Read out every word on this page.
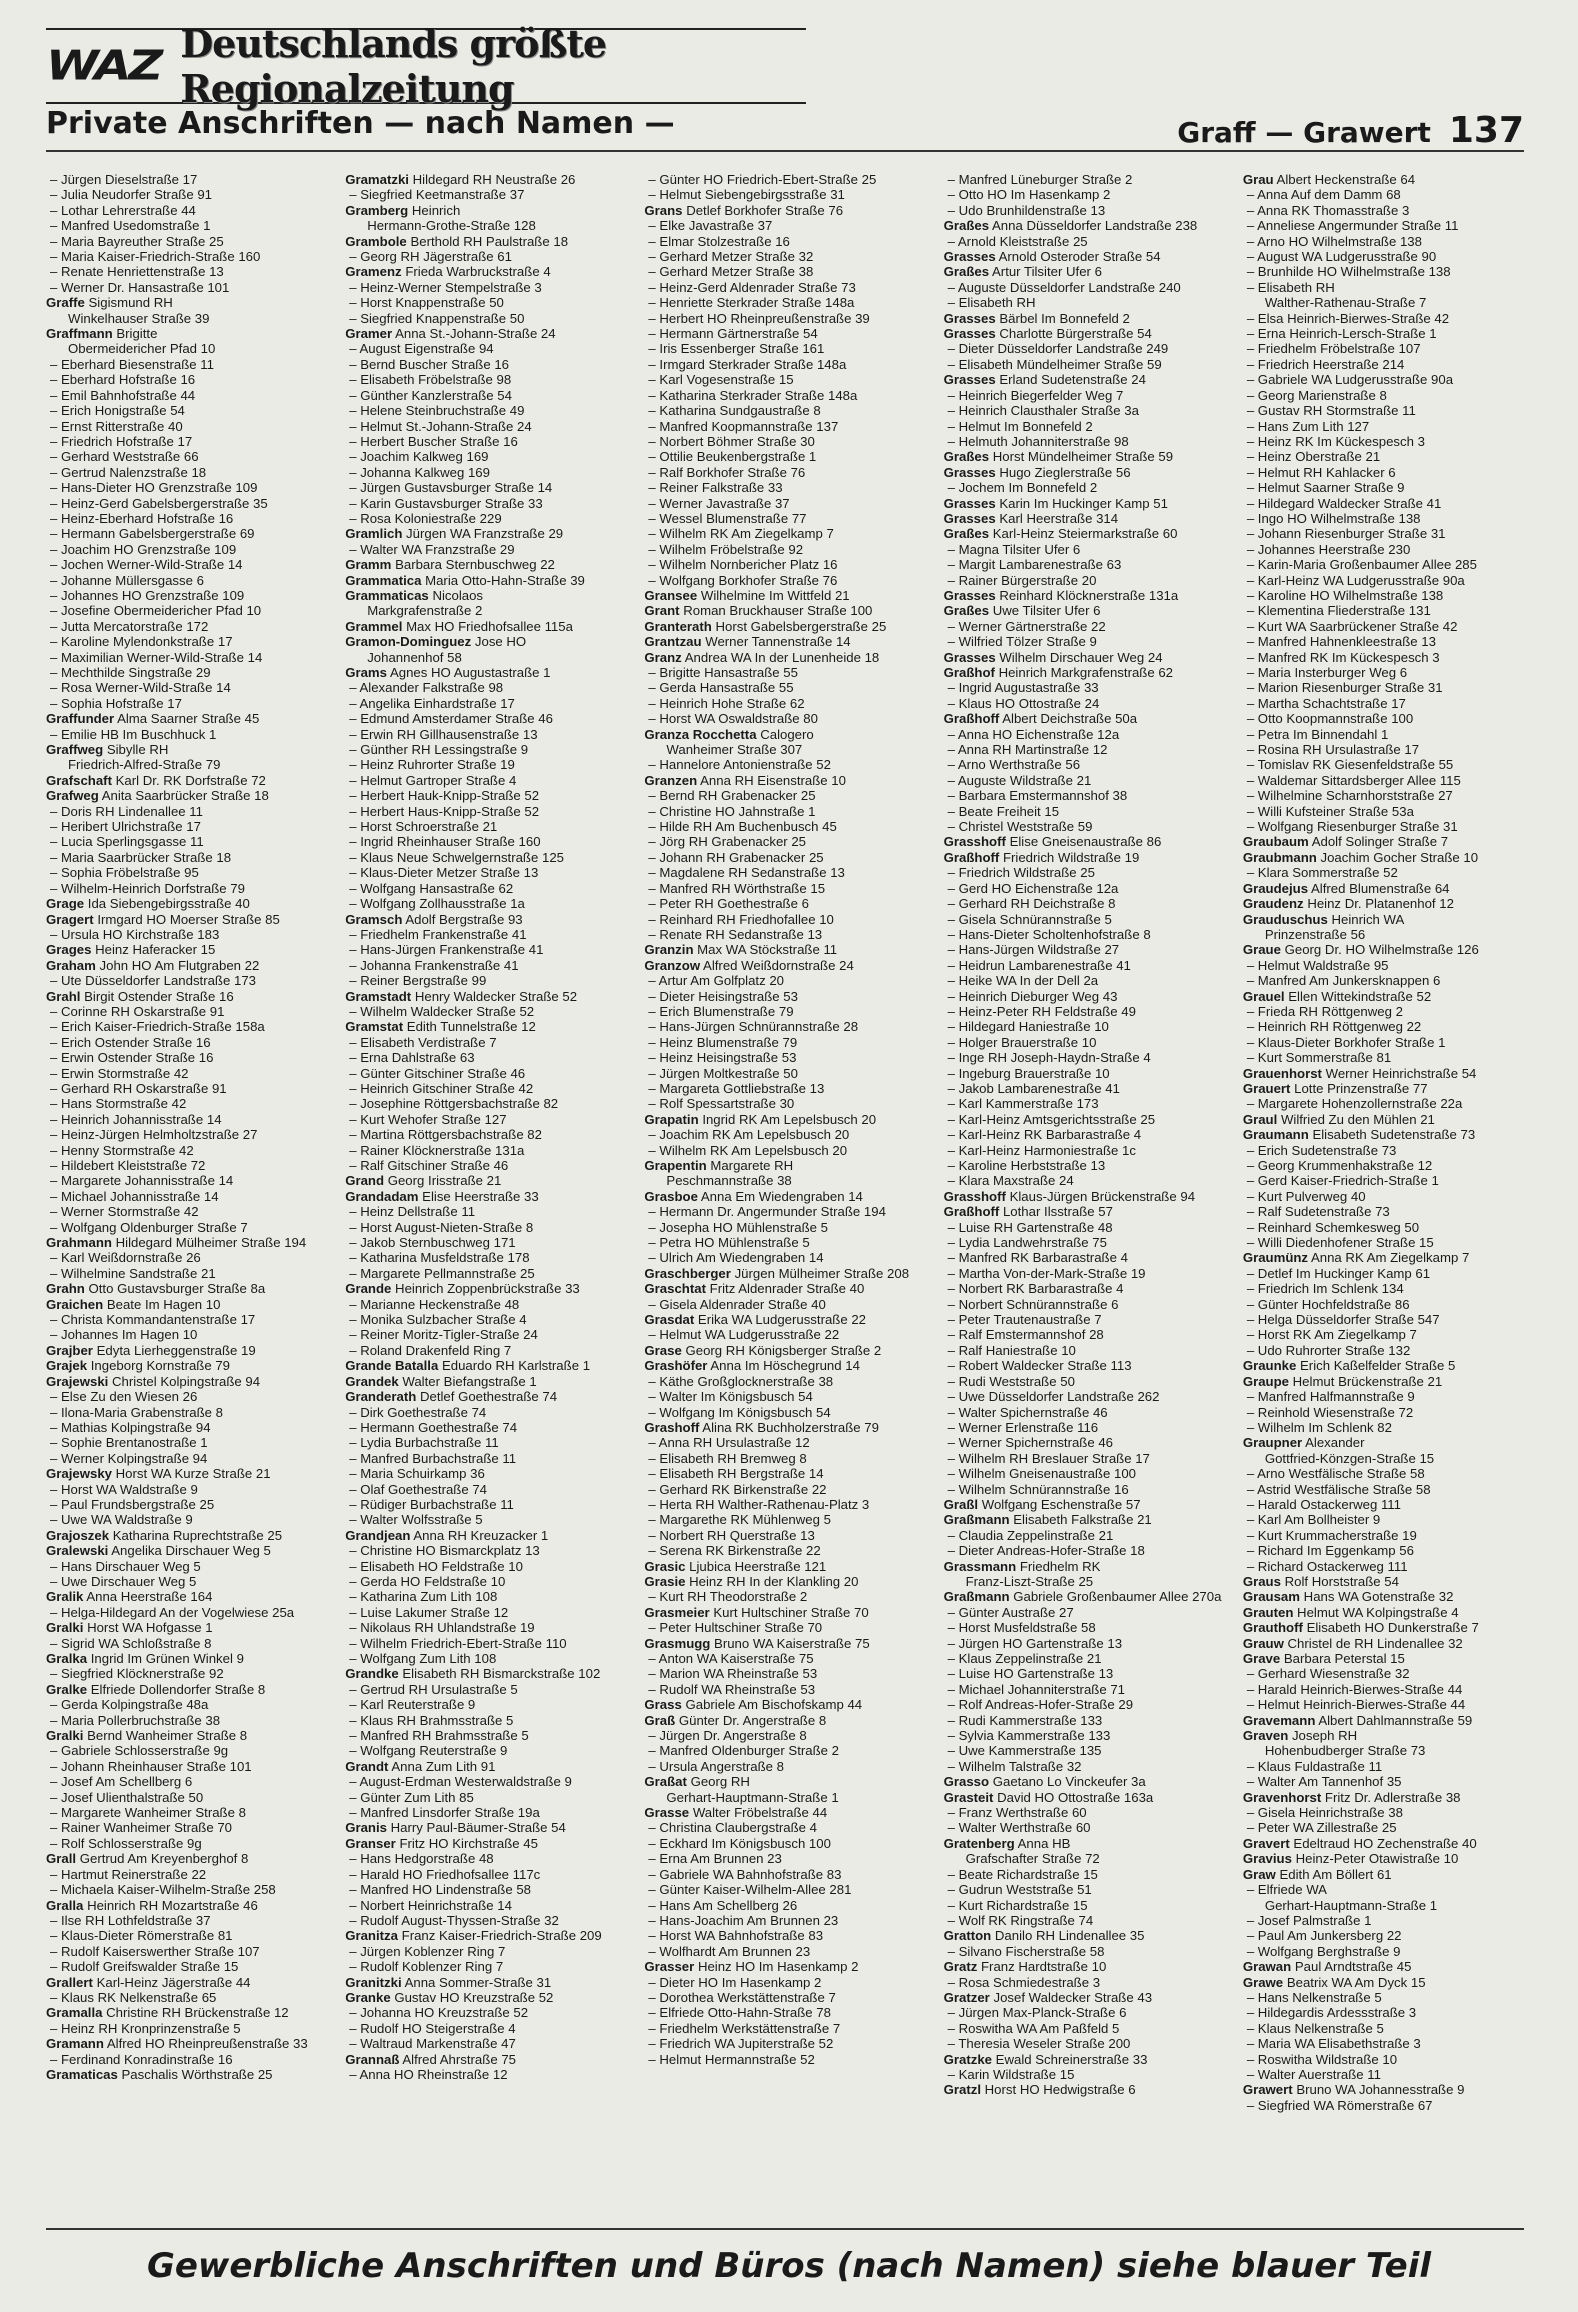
WAZ Deutschlands größte Regionalzeitung
Private Anschriften — nach Namen —	Graff — Grawert 137
– Jürgen Dieselstraße 17
– Julia Neudorfer Straße 91
– Lothar Lehrerstraße 44
– Manfred Usedomstraße 1
– Maria Bayreuther Straße 25
– Maria Kaiser-Friedrich-Straße 160
– Renate Henriettenstraße 13
– Werner Dr. Hansastraße 101
Graffe Sigismund RH
Winkelhauser Straße 39
Graffmann Brigitte
Obermeidericher Pfad 10
– Eberhard Biesenstraße 11
– Eberhard Hofstraße 16
– Emil Bahnhofstraße 44
– Erich Honigstraße 54
– Ernst Ritterstraße 40
– Friedrich Hofstraße 17
– Gerhard Weststraße 66
– Gertrud Nalenzstraße 18
– Hans-Dieter HO Grenzstraße 109
– Heinz-Gerd Gabelsbergerstraße 35
– Heinz-Eberhard Hofstraße 16
– Hermann Gabelsbergerstraße 69
– Joachim HO Grenzstraße 109
– Jochen Werner-Wild-Straße 14
– Johanne Müllersgasse 6
– Johannes HO Grenzstraße 109
– Josefine Obermeidericher Pfad 10
– Jutta Mercatorstraße 172
– Karoline Mylendonkstraße 17
– Maximilian Werner-Wild-Straße 14
– Mechthilde Singstraße 29
– Rosa Werner-Wild-Straße 14
– Sophia Hofstraße 17
Graffunder Alma Saarner Straße 45
– Emilie HB Im Buschhuck 1
Graffweg Sibylle RH
Friedrich-Alfred-Straße 79
Grafschaft Karl Dr. RK Dorfstraße 72
Grafweg Anita Saarbrücker Straße 18
– Doris RH Lindenallee 11
– Heribert Ulrichstraße 17
– Lucia Sperlingsgasse 11
– Maria Saarbrücker Straße 18
– Sophia Fröbelstraße 95
– Wilhelm-Heinrich Dorfstraße 79
Grage Ida Siebengebirgsstraße 40
Gragert Irmgard HO Moerser Straße 85
– Ursula HO Kirchstraße 183
Grages Heinz Haferacker 15
Graham John HO Am Flutgraben 22
– Ute Düsseldorfer Landstraße 173
Grahl Birgit Ostender Straße 16
– Corinne RH Oskarstraße 91
– Erich Kaiser-Friedrich-Straße 158a
– Erich Ostender Straße 16
– Erwin Ostender Straße 16
– Erwin Stormstraße 42
– Gerhard RH Oskarstraße 91
– Hans Stormstraße 42
– Heinrich Johannisstraße 14
– Heinz-Jürgen Helmholtzstraße 27
– Henny Stormstraße 42
– Hildebert Kleiststraße 72
– Margarete Johannisstraße 14
– Michael Johannisstraße 14
– Werner Stormstraße 42
– Wolfgang Oldenburger Straße 7
Grahmann Hildegard Mülheimer Straße 194
– Karl Weißdornstraße 26
– Wilhelmine Sandstraße 21
Grahn Otto Gustavsburger Straße 8a
Graichen Beate Im Hagen 10
– Christa Kommandantenstraße 17
– Johannes Im Hagen 10
Grajber Edyta Lierheggenstraße 19
Grajek Ingeborg Kornstraße 79
Grajewski Christel Kolpingstraße 94
– Else Zu den Wiesen 26
– Ilona-Maria Grabenstraße 8
– Mathias Kolpingstraße 94
– Sophie Brentanostraße 1
– Werner Kolpingstraße 94
Grajewsky Horst WA Kurze Straße 21
– Horst WA Waldstraße 9
– Paul Frundsbergstraße 25
– Uwe WA Waldstraße 9
Grajoszek Katharina Ruprechtstraße 25
Gralewski Angelika Dirschauer Weg 5
– Hans Dirschauer Weg 5
– Uwe Dirschauer Weg 5
Gralik Anna Heerstraße 164
– Helga-Hildegard An der Vogelwiese 25a
Gralki Horst WA Hofgasse 1
– Sigrid WA Schloßstraße 8
Gralka Ingrid Im Grünen Winkel 9
– Siegfried Klöcknerstraße 92
Gralke Elfriede Dollendorfer Straße 8
– Gerda Kolpingstraße 48a
– Maria Pollerbruchstraße 38
Gralki Bernd Wanheimer Straße 8
– Gabriele Schlosserstraße 9g
– Johann Rheinhauser Straße 101
– Josef Am Schellberg 6
– Josef Ulienthalstraße 50
– Margarete Wanheimer Straße 8
– Rainer Wanheimer Straße 70
– Rolf Schlosserstraße 9g
Grall Gertrud Am Kreyenberghof 8
– Hartmut Reinerstraße 22
– Michaela Kaiser-Wilhelm-Straße 258
Gralla Heinrich RH Mozartstraße 46
– Ilse RH Lothfeldstraße 37
– Klaus-Dieter Römerstraße 81
– Rudolf Kaiserswerther Straße 107
– Rudolf Greifswalder Straße 15
Grallert Karl-Heinz Jägerstraße 44
– Klaus RK Nelkenstraße 65
Gramalla Christine RH Brückenstraße 12
– Heinz RH Kronprinzenstraße 5
Gramann Alfred HO Rheinpreußenstraße 33
– Ferdinand Konradinstraße 16
Gramaticas Paschalis Wörthstraße 25
Gramatzki Hildegard RH Neustraße 26
– Siegfried Keetmanstraße 37
Gramberg Heinrich
Hermann-Grothe-Straße 128
Grambole Berthold RH Paulstraße 18
– Georg RH Jägerstraße 61
Gramenz Frieda Warbruckstraße 4
– Heinz-Werner Stempelstraße 3
– Horst Knappenstraße 50
– Siegfried Knappenstraße 50
Gramer Anna St.-Johann-Straße 24
– August Eigenstraße 94
– Bernd Buscher Straße 16
– Elisabeth Fröbelstraße 98
– Günther Kanzlerstraße 54
– Helene Steinbruchstraße 49
– Helmut St.-Johann-Straße 24
– Herbert Buscher Straße 16
– Joachim Kalkweg 169
– Johanna Kalkweg 169
– Jürgen Gustavsburger Straße 14
– Karin Gustavsburger Straße 33
– Rosa Koloniestraße 229
Gramlich Jürgen WA Franzstraße 29
– Walter WA Franzstraße 29
Gramm Barbara Sternbuschweg 22
Grammatica Maria Otto-Hahn-Straße 39
Grammaticas Nicolaos
Markgrafenstraße 2
Grammel Max HO Friedhofsallee 115a
Gramon-Dominguez Jose HO
Johannenhof 58
Grams Agnes HO Augustastraße 1
– Alexander Falkstraße 98
– Angelika Einhardstraße 17
– Edmund Amsterdamer Straße 46
– Erwin RH Gillhausenstraße 13
– Günther RH Lessingstraße 9
– Heinz Ruhrorter Straße 19
– Helmut Gartroper Straße 4
– Herbert Hauk-Knipp-Straße 52
– Herbert Haus-Knipp-Straße 52
– Horst Schroerstraße 21
– Ingrid Rheinhauser Straße 160
– Klaus Neue Schwelgernstraße 125
– Klaus-Dieter Metzer Straße 13
– Wolfgang Hansastraße 62
– Wolfgang Zollhausstraße 1a
Gramsch Adolf Bergstraße 93
– Friedhelm Frankenstraße 41
– Hans-Jürgen Frankenstraße 41
– Johanna Frankenstraße 41
– Reiner Bergstraße 99
Gramstadt Henry Waldecker Straße 52
– Wilhelm Waldecker Straße 52
Gramstat Edith Tunnelstraße 12
– Elisabeth Verdistraße 7
– Erna Dahlstraße 63
– Günter Gitschiner Straße 46
– Heinrich Gitschiner Straße 42
– Josephine Röttgersbachstraße 82
– Kurt Wehofer Straße 127
– Martina Röttgersbachstraße 82
– Rainer Klöcknerstraße 131a
– Ralf Gitschiner Straße 46
Grand Georg Irisstraße 21
Grandadam Elise Heerstraße 33
– Heinz Dellstraße 11
– Horst August-Nieten-Straße 8
– Jakob Sternbuschweg 171
– Katharina Musfeldstraße 178
– Margarete Pellmannstraße 25
Grande Heinrich Zoppenbrückstraße 33
– Marianne Heckenstraße 48
– Monika Sulzbacher Straße 4
– Reiner Moritz-Tigler-Straße 24
– Roland Drakenfeld Ring 7
Grande Batalla Eduardo RH Karlstraße 1
Grandek Walter Biefangstraße 1
Granderath Detlef Goethestraße 74
– Dirk Goethestraße 74
– Hermann Goethestraße 74
– Lydia Burbachstraße 11
– Manfred Burbachstraße 11
– Maria Schuirkamp 36
– Olaf Goethestraße 74
– Rüdiger Burbachstraße 11
– Walter Wolfsstraße 5
Grandjean Anna RH Kreuzacker 1
– Christine HO Bismarckplatz 13
– Elisabeth HO Feldstraße 10
– Gerda HO Feldstraße 10
– Katharina Zum Lith 108
– Luise Lakumer Straße 12
– Nikolaus RH Uhlandstraße 19
– Wilhelm Friedrich-Ebert-Straße 110
– Wolfgang Zum Lith 108
Grandke Elisabeth RH Bismarckstraße 102
– Gertrud RH Ursulastraße 5
– Karl Reuterstraße 9
– Klaus RH Brahmsstraße 5
– Manfred RH Brahmsstraße 5
– Wolfgang Reuterstraße 9
Grandt Anna Zum Lith 91
– August-Erdman Westerwaldstraße 9
– Günter Zum Lith 85
– Manfred Linsdorfer Straße 19a
Granis Harry Paul-Bäumer-Straße 54
Granser Fritz HO Kirchstraße 45
– Hans Hedgorstraße 48
– Harald HO Friedhofsallee 117c
– Manfred HO Lindenstraße 58
– Norbert Heinrichstraße 14
– Rudolf August-Thyssen-Straße 32
Granitza Franz Kaiser-Friedrich-Straße 209
– Jürgen Koblenzer Ring 7
– Rudolf Koblenzer Ring 7
Granitzki Anna Sommer-Straße 31
Granke Gustav HO Kreuzstraße 52
– Johanna HO Kreuzstraße 52
– Rudolf HO Steigerstraße 4
– Waltraud Markenstraße 47
Grannaß Alfred Ahrstraße 75
– Anna HO Rheinstraße 12
– Günter HO Friedrich-Ebert-Straße 25
– Helmut Siebengebirgsstraße 31
Grans Detlef Borkhofer Straße 76
– Elke Javastraße 37
– Elmar Stolzestraße 16
– Gerhard Metzer Straße 32
– Gerhard Metzer Straße 38
– Heinz-Gerd Aldenrader Straße 73
– Henriette Sterkrader Straße 148a
– Herbert HO Rheinpreußenstraße 39
– Hermann Gärtnerstraße 54
– Iris Essenberger Straße 161
– Irmgard Sterkrader Straße 148a
– Karl Vogesenstraße 15
– Katharina Sterkrader Straße 148a
– Katharina Sundgaustraße 8
– Manfred Koopmannstraße 137
– Norbert Böhmer Straße 30
– Ottilie Beukenbergstraße 1
– Ralf Borkhofer Straße 76
– Reiner Falkstraße 33
– Werner Javastraße 37
– Wessel Blumenstraße 77
– Wilhelm RK Am Ziegelkamp 7
– Wilhelm Fröbelstraße 92
– Wilhelm Nornbericher Platz 16
– Wolfgang Borkhofer Straße 76
Gransee Wilhelmine Im Wittfeld 21
Grant Roman Bruckhauser Straße 100
Granterath Horst Gabelsbergerstraße 25
Grantzau Werner Tannenstraße 14
Granz Andrea WA In der Lunenheide 18
– Brigitte Hansastraße 55
– Gerda Hansastraße 55
– Heinrich Hohe Straße 62
– Horst WA Oswaldstraße 80
Granza Rocchetta Calogero
Wanheimer Straße 307
– Hannelore Antonienstraße 52
Granzen Anna RH Eisenstraße 10
– Bernd RH Grabenacker 25
– Christine HO Jahnstraße 1
– Hilde RH Am Buchenbusch 45
– Jörg RH Grabenacker 25
– Johann RH Grabenacker 25
– Magdalene RH Sedanstraße 13
– Manfred RH Wörthstraße 15
– Peter RH Goethestraße 6
– Reinhard RH Friedhofallee 10
– Renate RH Sedanstraße 13
Granzin Max WA Stöckstraße 11
Granzow Alfred Weißdornstraße 24
– Artur Am Golfplatz 20
– Dieter Heisingstraße 53
– Erich Blumenstraße 79
– Hans-Jürgen Schnürannstraße 28
– Heinz Blumenstraße 79
– Heinz Heisingstraße 53
– Jürgen Moltkestraße 50
– Margareta Gottliebstraße 13
– Rolf Spessartstraße 30
Grapatin Ingrid RK Am Lepelsbusch 20
– Joachim RK Am Lepelsbusch 20
– Wilhelm RK Am Lepelsbusch 20
Grapentin Margarete RH
Peschmannstraße 38
Grasboe Anna Em Wiedengraben 14
– Hermann Dr. Angermunder Straße 194
– Josepha HO Mühlenstraße 5
– Petra HO Mühlenstraße 5
– Ulrich Am Wiedengraben 14
Graschberger Jürgen Mülheimer Straße 208
Graschtat Fritz Aldenrader Straße 40
– Gisela Aldenrader Straße 40
Grasdat Erika WA Ludgerusstraße 22
– Helmut WA Ludgerusstraße 22
Grase Georg RH Königsberger Straße 2
Grashöfer Anna Im Höschegrund 14
– Käthe Großglocknerstraße 38
– Walter Im Königsbusch 54
– Wolfgang Im Königsbusch 54
Grashoff Alina RK Buchholzerstraße 79
– Anna RH Ursulastraße 12
– Elisabeth RH Bremweg 8
– Elisabeth RH Bergstraße 14
– Gerhard RK Birkenstraße 22
– Herta RH Walther-Rathenau-Platz 3
– Margarethe RK Mühlenweg 5
– Norbert RH Querstraße 13
– Serena RK Birkenstraße 22
Grasic Ljubica Heerstraße 121
Grasie Heinz RH In der Klankling 20
– Kurt RH Theodorstraße 2
Grasmeier Kurt Hultschiner Straße 70
– Peter Hultschiner Straße 70
Grasmugg Bruno WA Kaiserstraße 75
– Anton WA Kaiserstraße 75
– Marion WA Rheinstraße 53
– Rudolf WA Rheinstraße 53
Grass Gabriele Am Bischofskamp 44
Graß Günter Dr. Angerstraße 8
– Jürgen Dr. Angerstraße 8
– Manfred Oldenburger Straße 2
– Ursula Angerstraße 8
Graßat Georg RH
Gerhart-Hauptmann-Straße 1
Grasse Walter Fröbelstraße 44
– Christina Claubergstraße 4
– Eckhard Im Königsbusch 100
– Erna Am Brunnen 23
– Gabriele WA Bahnhofstraße 83
– Günter Kaiser-Wilhelm-Allee 281
– Hans Am Schellberg 26
– Hans-Joachim Am Brunnen 23
– Horst WA Bahnhofstraße 83
– Wolfhardt Am Brunnen 23
Grasser Heinz HO Im Hasenkamp 2
– Dieter HO Im Hasenkamp 2
– Dorothea Werkstättenstraße 7
– Elfriede Otto-Hahn-Straße 78
– Friedhelm Werkstättenstraße 7
– Friedrich WA Jupiterstraße 52
– Helmut Hermannstraße 52
– Manfred Lüneburger Straße 2
– Otto HO Im Hasenkamp 2
– Udo Brunhildenstraße 13
Graßes Anna Düsseldorfer Landstraße 238
– Arnold Kleiststraße 25
Grasses Arnold Osteroder Straße 54
Graßes Artur Tilsiter Ufer 6
– Auguste Düsseldorfer Landstraße 240
– Elisabeth RH
Grasses Bärbel Im Bonnefeld 2
Grasses Charlotte Bürgerstraße 54
– Dieter Düsseldorfer Landstraße 249
– Elisabeth Mündelheimer Straße 59
Grasses Erland Sudetenstraße 24
– Heinrich Biegerfelder Weg 7
– Heinrich Clausthaler Straße 3a
– Helmut Im Bonnefeld 2
– Helmuth Johanniterstraße 98
Graßes Horst Mündelheimer Straße 59
Grasses Hugo Zieglerstraße 56
– Jochem Im Bonnefeld 2
Grasses Karin Im Huckinger Kamp 51
Grasses Karl Heerstraße 314
Graßes Karl-Heinz Steiermarkstraße 60
– Magna Tilsiter Ufer 6
– Margit Lambarenestraße 63
– Rainer Bürgerstraße 20
Grasses Reinhard Klöcknerstraße 131a
Graßes Uwe Tilsiter Ufer 6
– Werner Gärtnerstraße 22
– Wilfried Tölzer Straße 9
Grasses Wilhelm Dirschauer Weg 24
Graßhof Heinrich Markgrafenstraße 62
– Ingrid Augustastraße 33
– Klaus HO Ottostraße 24
Graßhoff Albert Deichstraße 50a
– Anna HO Eichenstraße 12a
– Anna RH Martinstraße 12
– Arno Werthstraße 56
– Auguste Wildstraße 21
– Barbara Emstermannshof 38
– Beate Freiheit 15
– Christel Weststraße 59
Grasshoff Elise Gneisenaustraße 86
Graßhoff Friedrich Wildstraße 19
– Friedrich Wildstraße 25
– Gerd HO Eichenstraße 12a
– Gerhard RH Deichstraße 8
– Gisela Schnürannstraße 5
– Hans-Dieter Scholtenhofstraße 8
– Hans-Jürgen Wildstraße 27
– Heidrun Lambarenestraße 41
– Heike WA In der Dell 2a
– Heinrich Dieburger Weg 43
– Heinz-Peter RH Feldstraße 49
– Hildegard Haniestraße 10
– Holger Brauerstraße 10
– Inge RH Joseph-Haydn-Straße 4
– Ingeburg Brauerstraße 10
– Jakob Lambarenestraße 41
– Karl Kammerstraße 173
– Karl-Heinz Amtsgerichtsstraße 25
– Karl-Heinz RK Barbarastraße 4
– Karl-Heinz Harmoniestraße 1c
– Karoline Herbststraße 13
– Klara Maxstraße 24
Grasshoff Klaus-Jürgen Brückenstraße 94
Graßhoff Lothar Ilsstraße 57
– Luise RH Gartenstraße 48
– Lydia Landwehrstraße 75
– Manfred RK Barbarastraße 4
– Martha Von-der-Mark-Straße 19
– Norbert RK Barbarastraße 4
– Norbert Schnürannstraße 6
– Peter Trautenaustraße 7
– Ralf Emstermannshof 28
– Ralf Haniestraße 10
– Robert Waldecker Straße 113
– Rudi Weststraße 50
– Uwe Düsseldorfer Landstraße 262
– Walter Spichernstraße 46
– Werner Erlenstraße 116
– Werner Spichernstraße 46
– Wilhelm RH Breslauer Straße 17
– Wilhelm Gneisenaustraße 100
– Wilhelm Schnürannstraße 16
Graßl Wolfgang Eschenstraße 57
Graßmann Elisabeth Falkstraße 21
– Claudia Zeppelinstraße 21
– Dieter Andreas-Hofer-Straße 18
Grassmann Friedhelm RK
Franz-Liszt-Straße 25
Graßmann Gabriele Großenbaumer Allee 270a
– Günter Austraße 27
– Horst Musfeldstraße 58
– Jürgen HO Gartenstraße 13
– Klaus Zeppelinstraße 21
– Luise HO Gartenstraße 13
– Michael Johanniterstraße 71
– Rolf Andreas-Hofer-Straße 29
– Rudi Kammerstraße 133
– Sylvia Kammerstraße 133
– Uwe Kammerstraße 135
– Wilhelm Talstraße 32
Grasso Gaetano Lo Vinckeufer 3a
Grasteit David HO Ottostraße 163a
– Franz Werthstraße 60
– Walter Werthstraße 60
Gratenberg Anna HB
Grafschafter Straße 72
– Beate Richardstraße 15
– Gudrun Weststraße 51
– Kurt Richardstraße 15
– Wolf RK Ringstraße 74
Gratton Danilo RH Lindenallee 35
– Silvano Fischerstraße 58
Gratz Franz Hardtstraße 10
– Rosa Schmiedestraße 3
Gratzer Josef Waldecker Straße 43
– Jürgen Max-Planck-Straße 6
– Roswitha WA Am Paßfeld 5
– Theresia Weseler Straße 200
Gratzke Ewald Schreinerstraße 33
– Karin Wildstraße 15
Gratzl Horst HO Hedwigstraße 6
Grau Albert Heckenstraße 64
– Anna Auf dem Damm 68
– Anna RK Thomasstraße 3
– Anneliese Angermunder Straße 11
– Arno HO Wilhelmstraße 138
– August WA Ludgerusstraße 90
– Brunhilde HO Wilhelmstraße 138
– Elisabeth RH
Walther-Rathenau-Straße 7
– Elsa Heinrich-Bierwes-Straße 42
– Erna Heinrich-Lersch-Straße 1
– Friedhelm Fröbelstraße 107
– Friedrich Heerstraße 214
– Gabriele WA Ludgerusstraße 90a
– Georg Marienstraße 8
– Gustav RH Stormstraße 11
– Hans Zum Lith 127
– Heinz RK Im Kückespesch 3
– Heinz Oberstraße 21
– Helmut RH Kahlacker 6
– Helmut Saarner Straße 9
– Hildegard Waldecker Straße 41
– Ingo HO Wilhelmstraße 138
– Johann Riesenburger Straße 31
– Johannes Heerstraße 230
– Karin-Maria Großenbaumer Allee 285
– Karl-Heinz WA Ludgerusstraße 90a
– Karoline HO Wilhelmstraße 138
– Klementina Fliederstraße 131
– Kurt WA Saarbrückener Straße 42
– Manfred Hahnenkleestraße 13
– Manfred RK Im Kückespesch 3
– Maria Insterburger Weg 6
– Marion Riesenburger Straße 31
– Martha Schachtstraße 17
– Otto Koopmannstraße 100
– Petra Im Binnendahl 1
– Rosina RH Ursulastraße 17
– Tomislav RK Giesenfeldstraße 55
– Waldemar Sittardsberger Allee 115
– Wilhelmine Scharnhorststraße 27
– Willi Kufsteiner Straße 53a
– Wolfgang Riesenburger Straße 31
Graubaum Adolf Solinger Straße 7
Graubmann Joachim Gocher Straße 10
– Klara Sommerstraße 52
Graudejus Alfred Blumenstraße 64
Graudenz Heinz Dr. Platanenhof 12
Grauduschus Heinrich WA
Prinzenstraße 56
Graue Georg Dr. HO Wilhelmstraße 126
– Helmut Waldstraße 95
– Manfred Am Junkersknappen 6
Grauel Ellen Wittekindstraße 52
– Frieda RH Röttgenweg 2
– Heinrich RH Röttgenweg 22
– Klaus-Dieter Borkhofer Straße 1
– Kurt Sommerstraße 81
Grauenhorst Werner Heinrichstraße 54
Grauert Lotte Prinzenstraße 77
– Margarete Hohenzollernstraße 22a
Graul Wilfried Zu den Mühlen 21
Graumann Elisabeth Sudetenstraße 73
– Erich Sudetenstraße 73
– Georg Krummenhakstraße 12
– Gerd Kaiser-Friedrich-Straße 1
– Kurt Pulverweg 40
– Ralf Sudetenstraße 73
– Reinhard Schemkesweg 50
– Willi Diedenhofener Straße 15
Graumünz Anna RK Am Ziegelkamp 7
– Detlef Im Huckinger Kamp 61
– Friedrich Im Schlenk 134
– Günter Hochfeldstraße 86
– Helga Düsseldorfer Straße 547
– Horst RK Am Ziegelkamp 7
– Udo Ruhrorter Straße 132
Graunke Erich Kaßelfelder Straße 5
Graupe Helmut Brückenstraße 21
– Manfred Halfmannstraße 9
– Reinhold Wiesenstraße 72
– Wilhelm Im Schlenk 82
Graupner Alexander
Gottfried-Könzgen-Straße 15
– Arno Westfälische Straße 58
– Astrid Westfälische Straße 58
– Harald Ostackerweg 111
– Karl Am Bollheister 9
– Kurt Krummacherstraße 19
– Richard Im Eggenkamp 56
– Richard Ostackerweg 111
Graus Rolf Horststraße 54
Grausam Hans WA Gotenstraße 32
Grauten Helmut WA Kolpingstraße 4
Grauthoff Elisabeth HO Dunkerstraße 7
Grauw Christel de RH Lindenallee 32
Grave Barbara Peterstal 15
– Gerhard Wiesenstraße 32
– Harald Heinrich-Bierwes-Straße 44
– Helmut Heinrich-Bierwes-Straße 44
Gravemann Albert Dahlmannstraße 59
Graven Joseph RH
Hohenbudberger Straße 73
– Klaus Fuldastraße 11
– Walter Am Tannenhof 35
Gravenhorst Fritz Dr. Adlerstraße 38
– Gisela Heinrichstraße 38
– Peter WA Zillestraße 25
Gravert Edeltraud HO Zechenstraße 40
Gravius Heinz-Peter Otawistraße 10
Graw Edith Am Böllert 61
– Elfriede WA
Gerhart-Hauptmann-Straße 1
– Josef Palmstraße 1
– Paul Am Junkersberg 22
– Wolfgang Berghstraße 9
Grawan Paul Arndtstraße 45
Grawe Beatrix WA Am Dyck 15
– Hans Nelkenstraße 5
– Hildegardis Ardessstraße 3
– Klaus Nelkenstraße 5
– Maria WA Elisabethstraße 3
– Roswitha Wildstraße 10
– Walter Auerstraße 11
Grawert Bruno WA Johannesstraße 9
– Siegfried WA Römerstraße 67
Gewerbliche Anschriften und Büros (nach Namen) siehe blauer Teil
